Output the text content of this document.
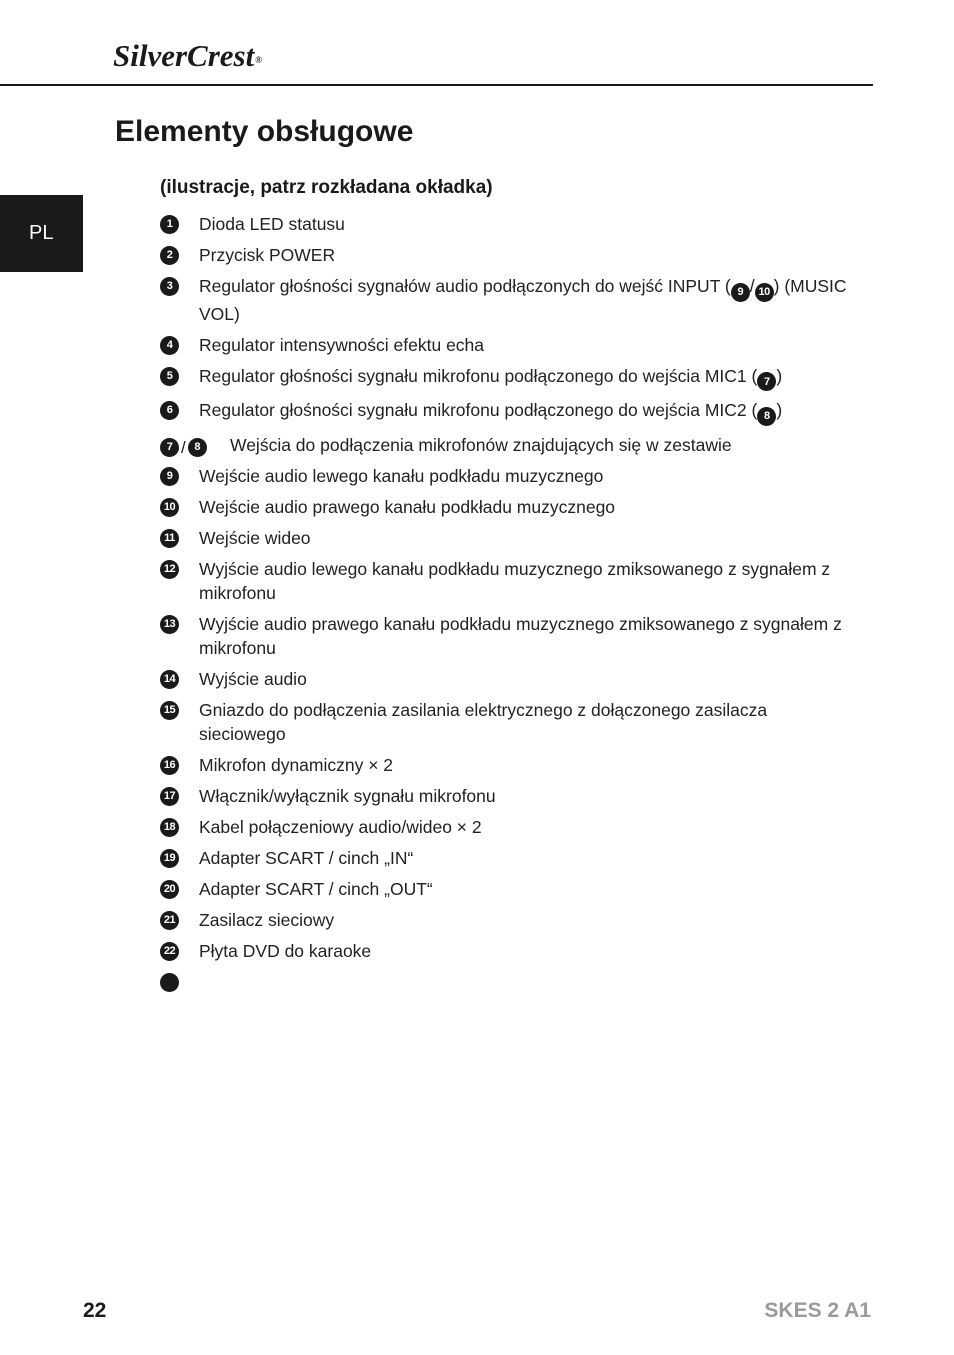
SilverCrest®
Elementy obsługowe
PL
(ilustracje, patrz rozkładana okładka)
1	Dioda LED statusu
2	Przycisk POWER
3	Regulator głośności sygnałów audio podłączonych do wejść INPUT ( 9 / 10 ) (MUSIC VOL)
4	Regulator intensywności efektu echa
5	Regulator głośności sygnału mikrofonu podłączonego do wejścia MIC1 ( 7 )
6	Regulator głośności sygnału mikrofonu podłączonego do wejścia MIC2 ( 8 )
7 / 8	Wejścia do podłączenia mikrofonów znajdujących się w zestawie
9	Wejście audio lewego kanału podkładu muzycznego
10 Wejście audio prawego kanału podkładu muzycznego
11 Wejście wideo
12 Wyjście audio lewego kanału podkładu muzycznego zmiksowanego z sygnałem z mikrofonu
13 Wyjście audio prawego kanału podkładu muzycznego zmiksowanego z sygnałem z mikrofonu
14 Wyjście audio
15 Gniazdo do podłączenia zasilania elektrycznego z dołączonego zasilacza sieciowego
16 Mikrofon dynamiczny × 2
17 Włącznik/wyłącznik sygnału mikrofonu
18 Kabel połączeniowy audio/wideo × 2
19 Adapter SCART / cinch „IN“
20 Adapter SCART / cinch „OUT“
21 Zasilacz sieciowy
22 Płyta DVD do karaoke
22	SKES 2 A1
